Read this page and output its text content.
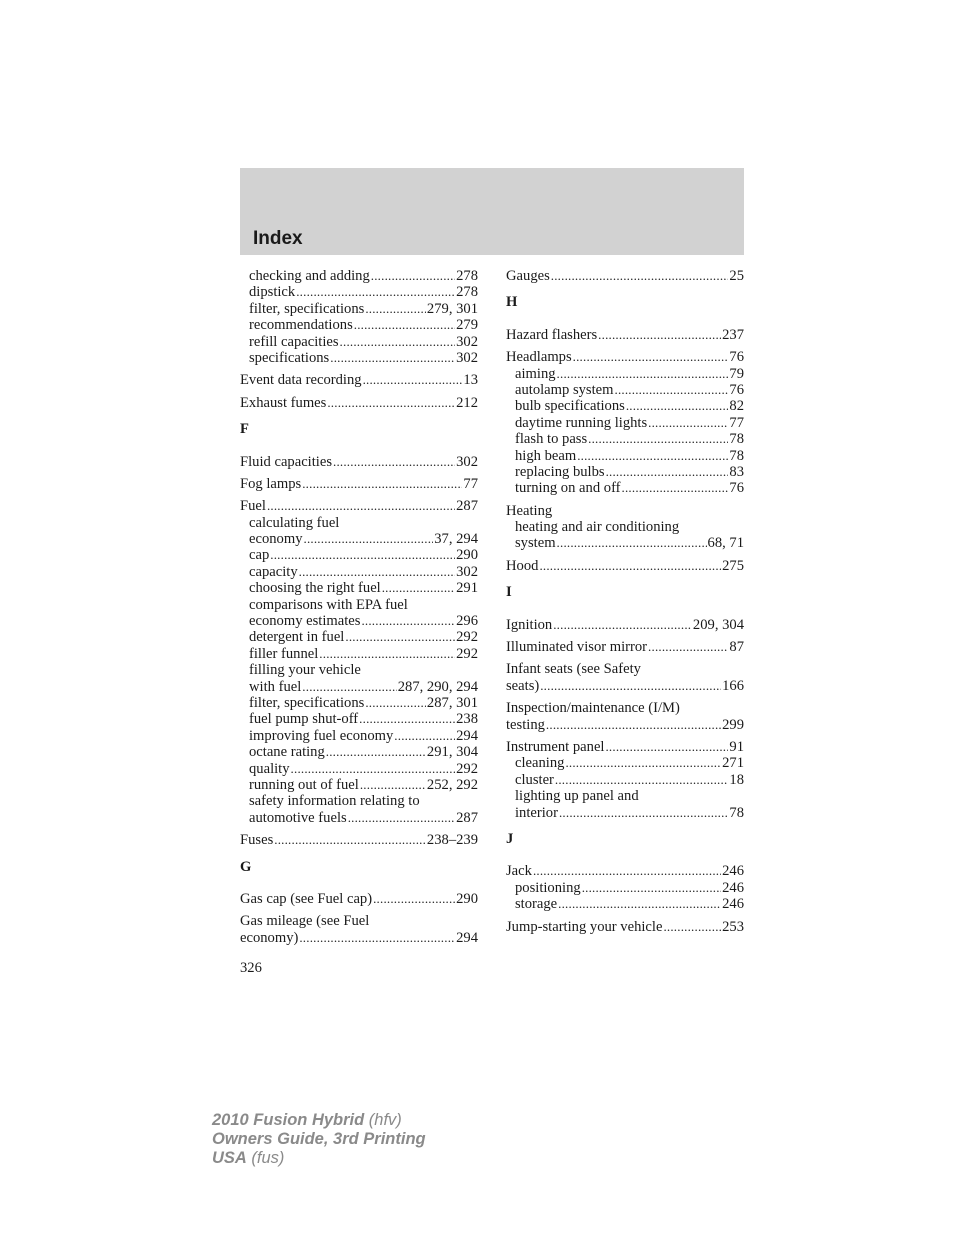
Index
checking and adding .....	278
dipstick .....	278
filter, specifications .....	279, 301
recommendations .....	279
refill capacities .....	302
specifications .....	302
Event data recording .....	13
Exhaust fumes .....	212
F
Fluid capacities .....	302
Fog lamps .....	77
Fuel .....	287
calculating fuel
economy .....	37, 294
cap .....	290
capacity .....	302
choosing the right fuel .....	291
comparisons with EPA fuel
economy estimates .....	296
detergent in fuel .....	292
filler funnel .....	292
filling your vehicle
with fuel .....	287, 290, 294
filter, specifications .....	287, 301
fuel pump shut-off .....	238
improving fuel economy .....	294
octane rating .....	291, 304
quality .....	292
running out of fuel .....	252, 292
safety information relating to
automotive fuels .....	287
Fuses .....	238–239
G
Gas cap (see Fuel cap) .....	290
Gas mileage (see Fuel
economy) .....	294
Gauges .....	25
H
Hazard flashers .....	237
Headlamps .....	76
aiming .....	79
autolamp system .....	76
bulb specifications .....	82
daytime running lights .....	77
flash to pass .....	78
high beam .....	78
replacing bulbs .....	83
turning on and off .....	76
Heating
heating and air conditioning
system .....	68, 71
Hood .....	275
I
Ignition .....	209, 304
Illuminated visor mirror .....	87
Infant seats (see Safety
seats) .....	166
Inspection/maintenance (I/M)
testing .....	299
Instrument panel .....	91
cleaning .....	271
cluster .....	18
lighting up panel and
interior .....	78
J
Jack .....	246
positioning .....	246
storage .....	246
Jump-starting your vehicle .....	253
326
2010 Fusion Hybrid (hfv)
Owners Guide, 3rd Printing
USA (fus)
